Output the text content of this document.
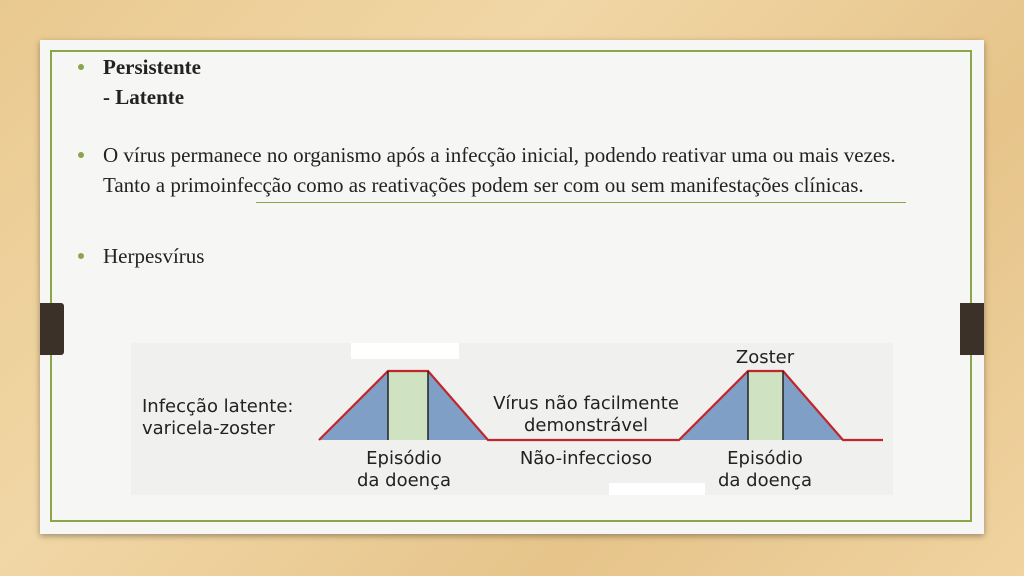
Persistente - Latente
O vírus permanece no organismo após a infecção inicial, podendo reativar uma ou mais vezes. Tanto a primoinfecção como as reativações podem ser com ou sem manifestações clínicas.
Herpesvírus
Infecção latente:
varicela-zoster
Episódio
da doença
Vírus não facilmente
demonstrável
Não-infeccioso
Zoster
Episódio
da doença
